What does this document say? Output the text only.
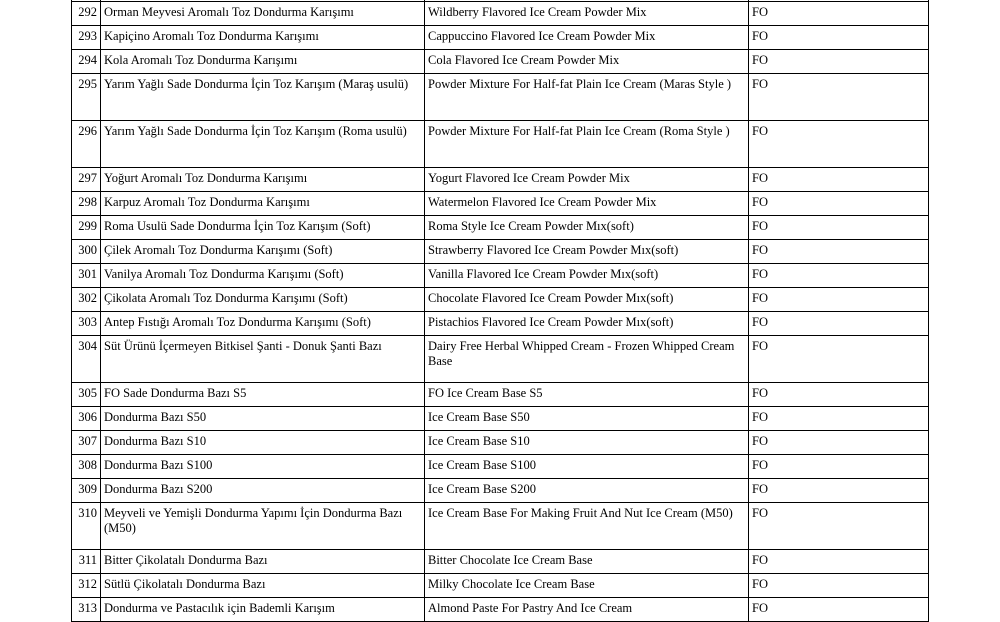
292	Orman Meyvesi Aromalı Toz Dondurma Karışımı	Wildberry Flavored Ice Cream Powder Mix	FO
293	Kapiçino Aromalı Toz Dondurma Karışımı	Cappuccino Flavored Ice Cream Powder Mix	FO
294	Kola Aromalı Toz Dondurma Karışımı	Cola Flavored Ice Cream Powder Mix	FO
295	Yarım Yağlı Sade Dondurma İçin Toz Karışım (Maraş usulü)	Powder Mixture For Half-fat Plain Ice Cream (Maras Style )	FO
296	Yarım Yağlı Sade Dondurma İçin Toz Karışım (Roma usulü)	Powder Mixture For Half-fat Plain Ice Cream (Roma Style )	FO
297	Yoğurt Aromalı Toz Dondurma Karışımı	Yogurt Flavored Ice Cream Powder Mix	FO
298	Karpuz Aromalı Toz Dondurma Karışımı	Watermelon Flavored Ice Cream Powder Mix	FO
299	Roma Usulü Sade Dondurma İçin Toz Karışım (Soft)	Roma Style Ice Cream Powder Mıx(soft)	FO
300	Çilek Aromalı Toz Dondurma Karışımı (Soft)	Strawberry Flavored Ice Cream Powder Mıx(soft)	FO
301	Vanilya Aromalı Toz Dondurma Karışımı (Soft)	Vanilla Flavored Ice Cream Powder Mıx(soft)	FO
302	Çikolata Aromalı Toz Dondurma Karışımı (Soft)	Chocolate Flavored Ice Cream Powder Mıx(soft)	FO
303	Antep Fıstığı Aromalı Toz Dondurma Karışımı (Soft)	Pistachios Flavored Ice Cream Powder Mıx(soft)	FO
304	Süt Ürünü İçermeyen Bitkisel Şanti - Donuk Şanti Bazı	Dairy Free Herbal Whipped Cream - Frozen Whipped Cream Base	FO
305	FO Sade Dondurma Bazı S5	FO Ice Cream Base S5	FO
306	Dondurma Bazı S50	Ice Cream Base S50	FO
307	Dondurma Bazı S10	Ice Cream Base S10	FO
308	Dondurma Bazı S100	Ice Cream Base S100	FO
309	Dondurma Bazı S200	Ice Cream Base S200	FO
310	Meyveli ve Yemişli Dondurma Yapımı İçin Dondurma Bazı (M50)	Ice Cream Base For Making Fruit And Nut Ice Cream (M50)	FO
311	Bitter Çikolatalı Dondurma Bazı	Bitter Chocolate Ice Cream Base	FO
312	Sütlü Çikolatalı Dondurma Bazı	Milky Chocolate Ice Cream Base	FO
313	Dondurma ve Pastacılık için Bademli Karışım	Almond Paste For Pastry And Ice Cream	FO
